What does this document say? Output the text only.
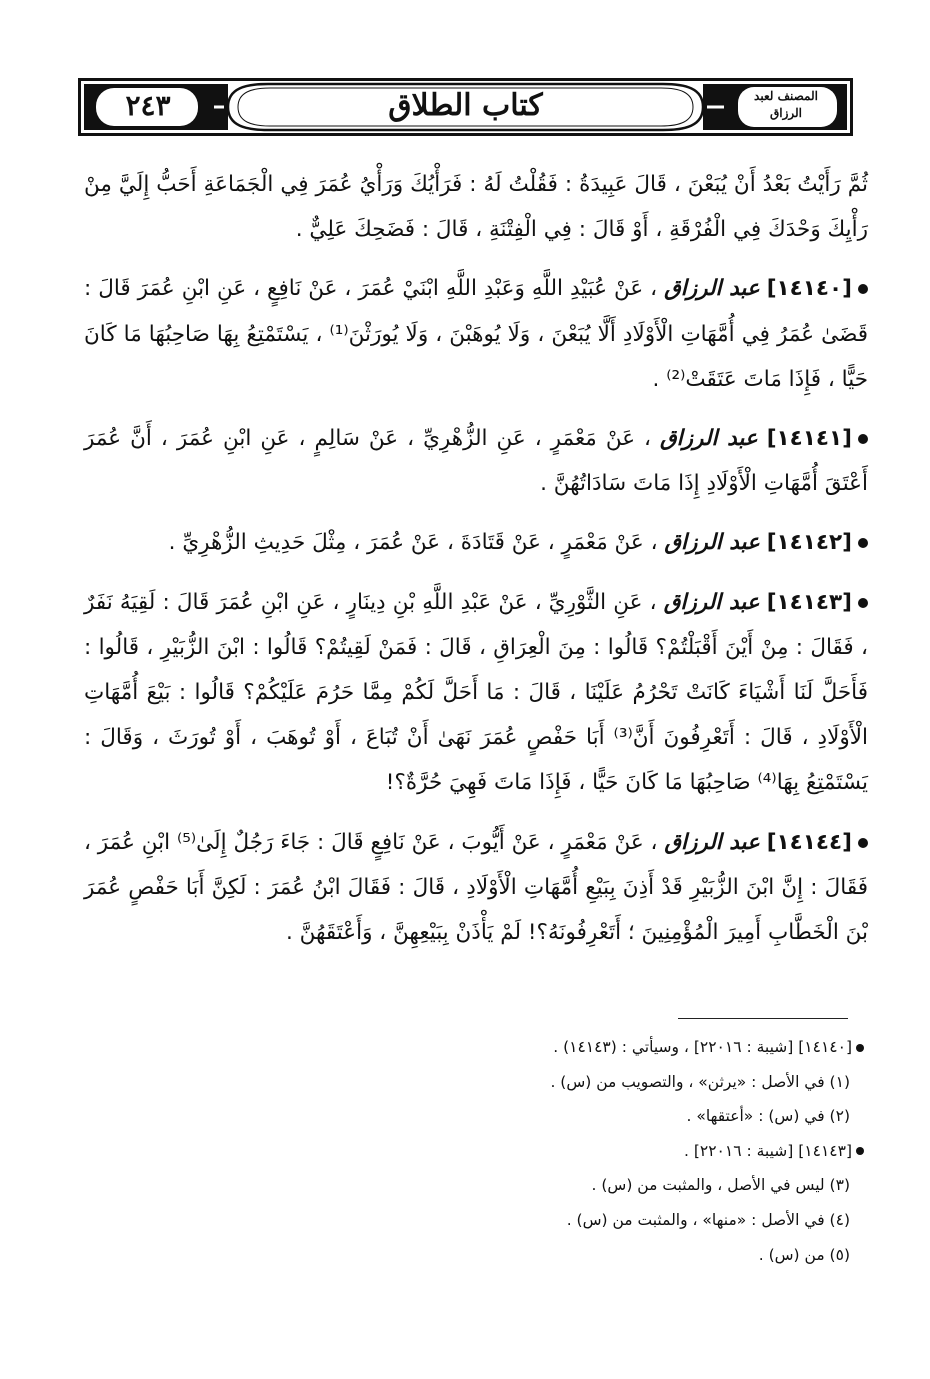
٢٤٣	كتاب الطلاق	المصنف لعبد الرزاق

ثُمَّ رَأَيْتُ بَعْدُ أَنْ يُبَعْنَ ، قَالَ عَبِيدَةُ : فَقُلْتُ لَهُ : فَرَأْيُكَ وَرَأْيُ عُمَرَ فِي الْجَمَاعَةِ أَحَبُّ إِلَيَّ مِنْ رَأْيِكَ وَحْدَكَ فِي الْفُرْقَةِ ، أَوْ قَالَ : فِي الْفِتْنَةِ ، قَالَ : فَضَحِكَ عَلِيٌّ .

[١٤١٤٠] عبد الرزاق ، عَنْ عُبَيْدِ اللَّهِ وَعَبْدِ اللَّهِ ابْنَيْ عُمَرَ ، عَنْ نَافِعٍ ، عَنِ ابْنِ عُمَرَ قَالَ : قَضَىٰ عُمَرُ فِي أُمَّهَاتِ الْأَوْلَادِ أَلَّا يُبَعْنَ ، وَلَا يُوهَبْنَ ، وَلَا يُورَثْنَ⁽¹⁾ ، يَسْتَمْتِعُ بِهَا صَاحِبُهَا مَا كَانَ حَيًّا ، فَإِذَا مَاتَ عَتَقَتْ⁽²⁾ .

[١٤١٤١] عبد الرزاق ، عَنْ مَعْمَرٍ ، عَنِ الزُّهْرِيِّ ، عَنْ سَالِمٍ ، عَنِ ابْنِ عُمَرَ ، أَنَّ عُمَرَ أَعْتَقَ أُمَّهَاتِ الْأَوْلَادِ إِذَا مَاتَ سَادَاتُهُنَّ .

[١٤١٤٢] عبد الرزاق ، عَنْ مَعْمَرٍ ، عَنْ قَتَادَةَ ، عَنْ عُمَرَ ، مِثْلَ حَدِيثِ الزُّهْرِيِّ .

[١٤١٤٣] عبد الرزاق ، عَنِ الثَّوْرِيِّ ، عَنْ عَبْدِ اللَّهِ بْنِ دِينَارٍ ، عَنِ ابْنِ عُمَرَ قَالَ : لَقِيَهُ نَفَرٌ ، فَقَالَ : مِنْ أَيْنَ أَقْبَلْتُمْ؟ قَالُوا : مِنَ الْعِرَاقِ ، قَالَ : فَمَنْ لَقِيتُمْ؟ قَالُوا : ابْنَ الزُّبَيْرِ ، قَالُوا : فَأَحَلَّ لَنَا أَشْيَاءَ كَانَتْ تَحْرُمُ عَلَيْنَا ، قَالَ : مَا أَحَلَّ لَكُمْ مِمَّا حَرُمَ عَلَيْكُمْ؟ قَالُوا : بَيْعَ أُمَّهَاتِ الْأَوْلَادِ ، قَالَ : أَتَعْرِفُونَ أَنَّ⁽³⁾ أَبَا حَفْصٍ عُمَرَ نَهَىٰ أَنْ تُبَاعَ ، أَوْ تُوهَبَ ، أَوْ تُورَثَ ، وَقَالَ : يَسْتَمْتِعُ بِهَا⁽⁴⁾ صَاحِبُهَا مَا كَانَ حَيًّا ، فَإِذَا مَاتَ فَهِيَ حُرَّةٌ؟!

[١٤١٤٤] عبد الرزاق ، عَنْ مَعْمَرٍ ، عَنْ أَيُّوبَ ، عَنْ نَافِعٍ قَالَ : جَاءَ رَجُلٌ إِلَىٰ⁽⁵⁾ ابْنِ عُمَرَ ، فَقَالَ : إِنَّ ابْنَ الزُّبَيْرِ قَدْ أَذِنَ بِبَيْعِ أُمَّهَاتِ الْأَوْلَادِ ، قَالَ : فَقَالَ ابْنُ عُمَرَ : لَكِنَّ أَبَا حَفْصٍ عُمَرَ بْنَ الْخَطَّابِ أَمِيرَ الْمُؤْمِنِينَ ؛ أَتَعْرِفُونَهُ؟! لَمْ يَأْذَنْ بِبَيْعِهِنَّ ، وَأَعْتَقَهُنَّ .

[١٤١٤٠] [شيبة : ٢٢٠١٦] ، وسيأتي : (١٤١٤٣) .

(١) في الأصل : «يرثن» ، والتصويب من (س) .

(٢) في (س) : «أعتقها» .

[١٤١٤٣] [شيبة : ٢٢٠١٦] .

(٣) ليس في الأصل ، والمثبت من (س) .

(٤) في الأصل : «منها» ، والمثبت من (س) .

(٥) من (س) .
